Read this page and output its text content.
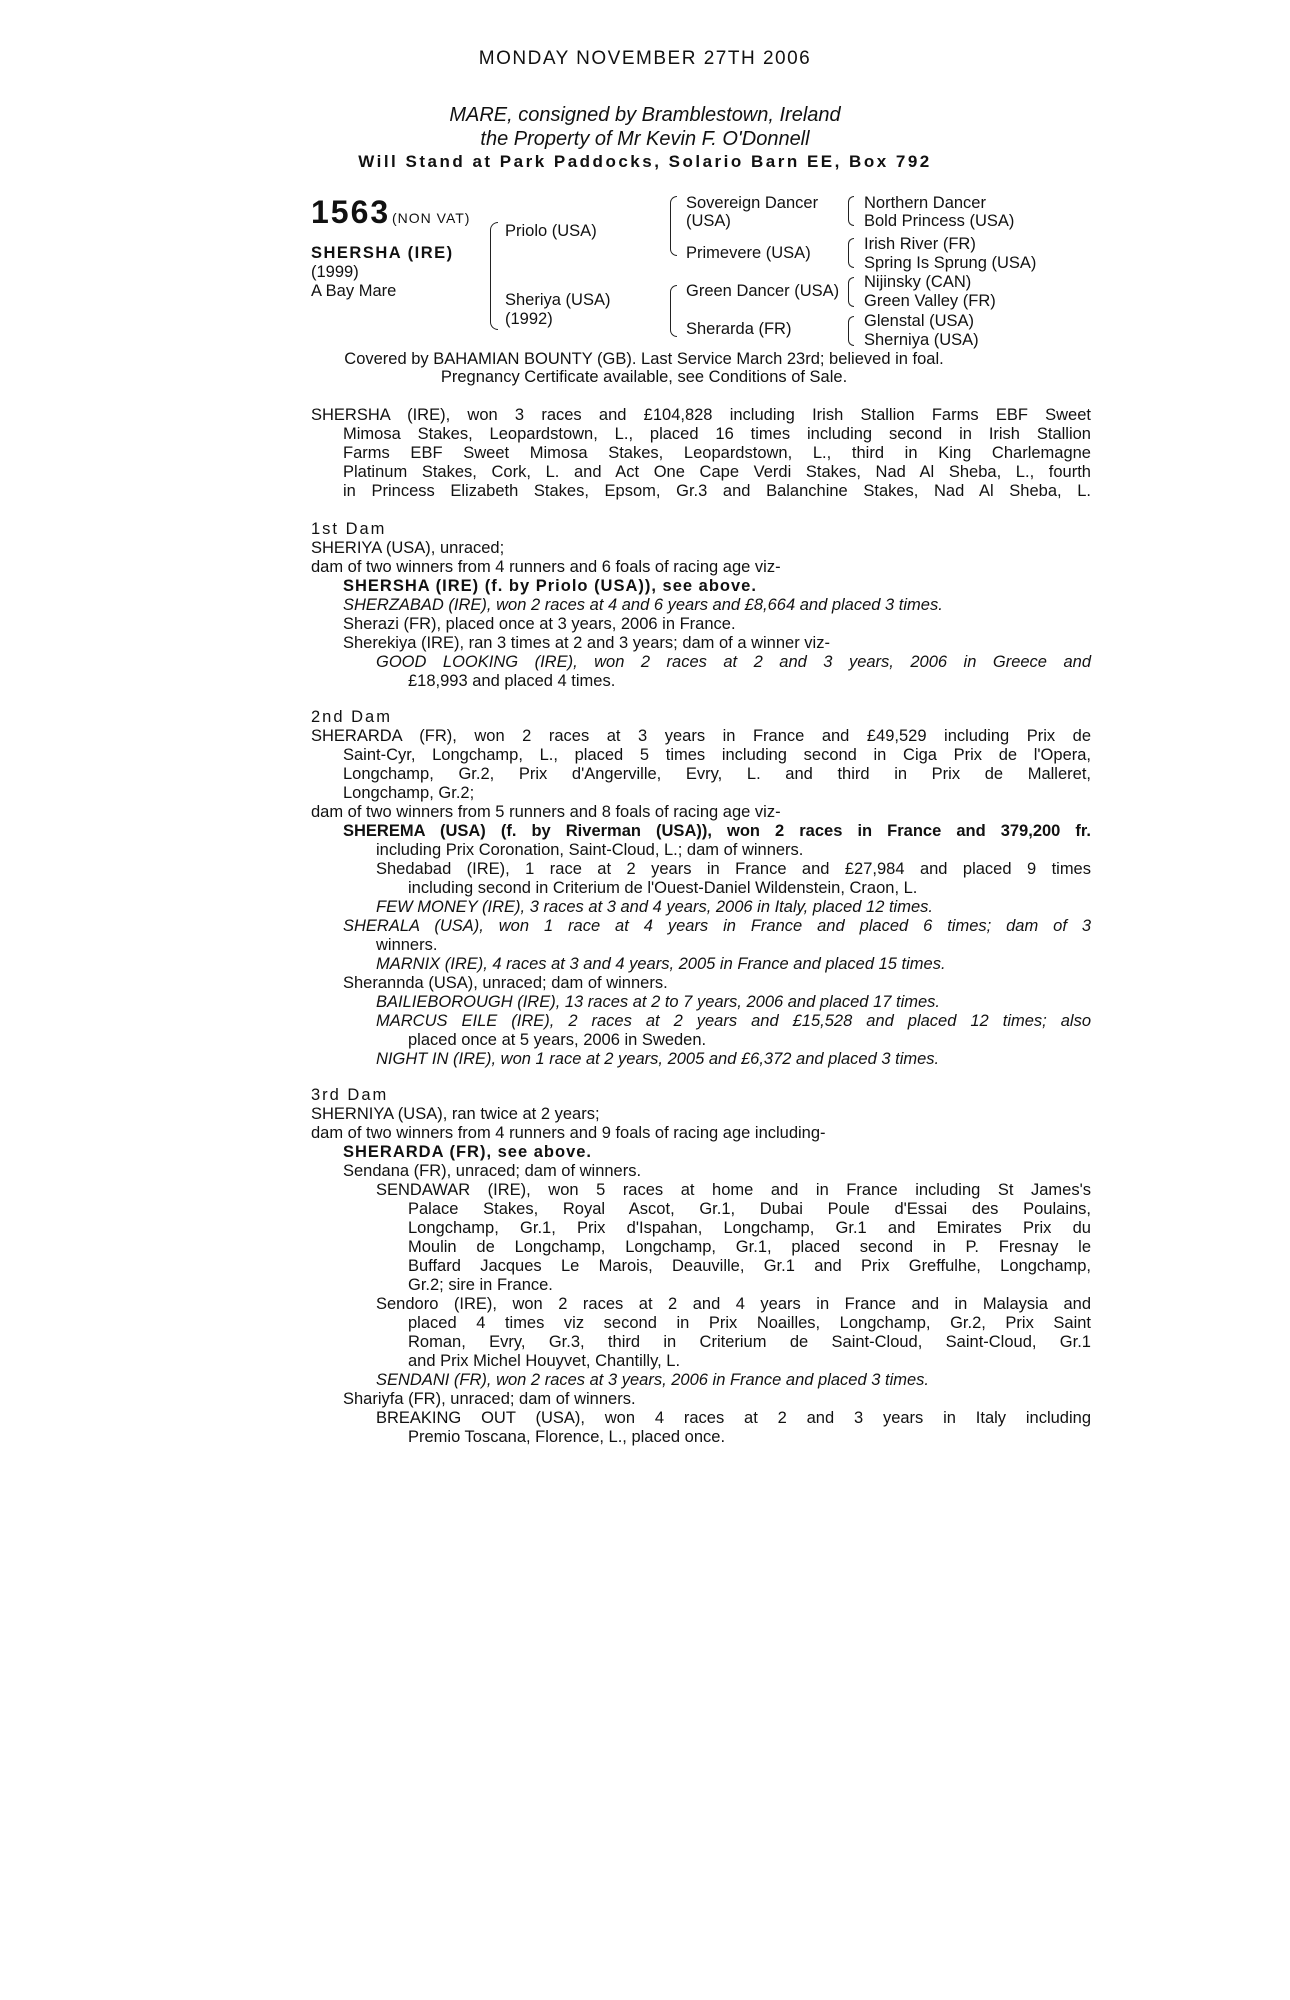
MONDAY NOVEMBER 27TH 2006
MARE, consigned by Bramblestown, Ireland
the Property of Mr Kevin F. O'Donnell
Will Stand at Park Paddocks, Solario Barn EE, Box 792
1563 (NON VAT)
SHERSHA (IRE)
(1999)
A Bay Mare
Priolo (USA)
Sheriya (USA)
(1992)
Sovereign Dancer
(USA)
Primevere (USA)
Green Dancer (USA)
Sherarda (FR)
Northern Dancer
Bold Princess (USA)
Irish River (FR)
Spring Is Sprung (USA)
Nijinsky (CAN)
Green Valley (FR)
Glenstal (USA)
Sherniya (USA)
Covered by BAHAMIAN BOUNTY (GB). Last Service March 23rd; believed in foal.
Pregnancy Certificate available, see Conditions of Sale.
SHERSHA (IRE), won 3 races and £104,828 including Irish Stallion Farms EBF Sweet
Mimosa Stakes, Leopardstown, L., placed 16 times including second in Irish Stallion
Farms EBF Sweet Mimosa Stakes, Leopardstown, L., third in King Charlemagne
Platinum Stakes, Cork, L. and Act One Cape Verdi Stakes, Nad Al Sheba, L., fourth
in Princess Elizabeth Stakes, Epsom, Gr.3 and Balanchine Stakes, Nad Al Sheba, L.
1st Dam
SHERIYA (USA), unraced;
dam of two winners from 4 runners and 6 foals of racing age viz-
SHERSHA (IRE) (f. by Priolo (USA)), see above.
SHERZABAD (IRE), won 2 races at 4 and 6 years and £8,664 and placed 3 times.
Sherazi (FR), placed once at 3 years, 2006 in France.
Sherekiya (IRE), ran 3 times at 2 and 3 years; dam of a winner viz-
GOOD LOOKING (IRE), won 2 races at 2 and 3 years, 2006 in Greece and
£18,993 and placed 4 times.
2nd Dam
SHERARDA (FR), won 2 races at 3 years in France and £49,529 including Prix de
Saint-Cyr, Longchamp, L., placed 5 times including second in Ciga Prix de l'Opera,
Longchamp, Gr.2, Prix d'Angerville, Evry, L. and third in Prix de Malleret,
Longchamp, Gr.2;
dam of two winners from 5 runners and 8 foals of racing age viz-
SHEREMA (USA) (f. by Riverman (USA)), won 2 races in France and 379,200 fr.
including Prix Coronation, Saint-Cloud, L.; dam of winners.
Shedabad (IRE), 1 race at 2 years in France and £27,984 and placed 9 times
including second in Criterium de l'Ouest-Daniel Wildenstein, Craon, L.
FEW MONEY (IRE), 3 races at 3 and 4 years, 2006 in Italy, placed 12 times.
SHERALA (USA), won 1 race at 4 years in France and placed 6 times; dam of 3
winners.
MARNIX (IRE), 4 races at 3 and 4 years, 2005 in France and placed 15 times.
Sherannda (USA), unraced; dam of winners.
BAILIEBOROUGH (IRE), 13 races at 2 to 7 years, 2006 and placed 17 times.
MARCUS EILE (IRE), 2 races at 2 years and £15,528 and placed 12 times; also
placed once at 5 years, 2006 in Sweden.
NIGHT IN (IRE), won 1 race at 2 years, 2005 and £6,372 and placed 3 times.
3rd Dam
SHERNIYA (USA), ran twice at 2 years;
dam of two winners from 4 runners and 9 foals of racing age including-
SHERARDA (FR), see above.
Sendana (FR), unraced; dam of winners.
SENDAWAR (IRE), won 5 races at home and in France including St James's
Palace Stakes, Royal Ascot, Gr.1, Dubai Poule d'Essai des Poulains,
Longchamp, Gr.1, Prix d'Ispahan, Longchamp, Gr.1 and Emirates Prix du
Moulin de Longchamp, Longchamp, Gr.1, placed second in P. Fresnay le
Buffard Jacques Le Marois, Deauville, Gr.1 and Prix Greffulhe, Longchamp,
Gr.2; sire in France.
Sendoro (IRE), won 2 races at 2 and 4 years in France and in Malaysia and
placed 4 times viz second in Prix Noailles, Longchamp, Gr.2, Prix Saint
Roman, Evry, Gr.3, third in Criterium de Saint-Cloud, Saint-Cloud, Gr.1
and Prix Michel Houyvet, Chantilly, L.
SENDANI (FR), won 2 races at 3 years, 2006 in France and placed 3 times.
Shariyfa (FR), unraced; dam of winners.
BREAKING OUT (USA), won 4 races at 2 and 3 years in Italy including
Premio Toscana, Florence, L., placed once.
